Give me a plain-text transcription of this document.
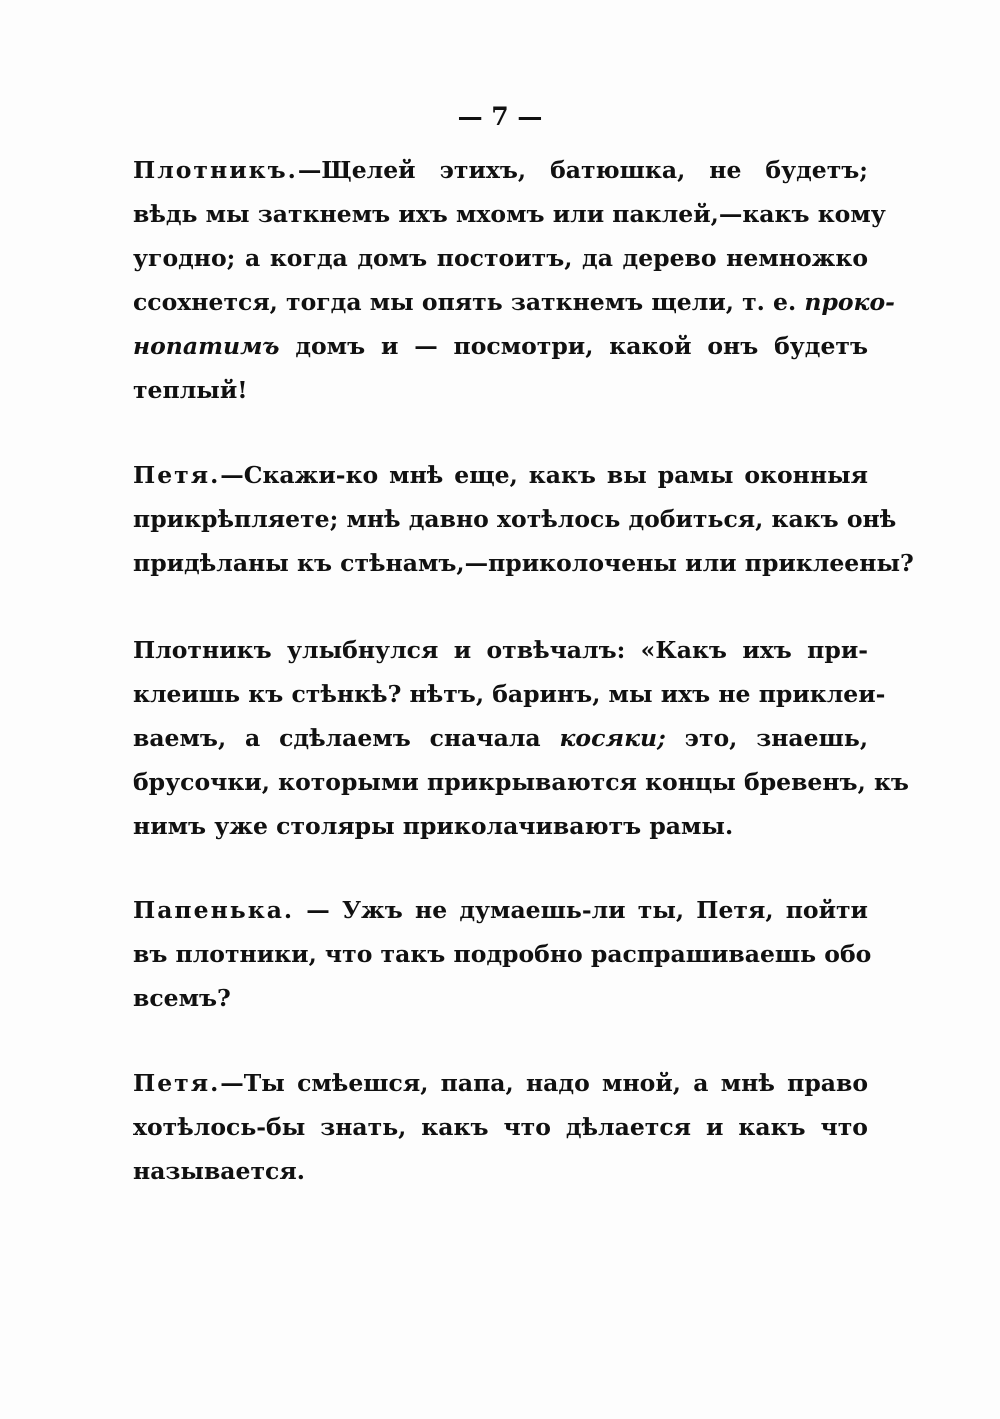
— 7 —
Плотникъ.—Щелей этихъ, батюшка, не будетъ;
вѣдь мы заткнемъ ихъ мхомъ или паклей,—какъ кому
угодно; а когда домъ постоитъ, да дерево немножко
ссохнется, тогда мы опять заткнемъ щели, т. е. проко-
нопатимъ домъ и — посмотри, какой онъ будетъ
теплый!
Петя.—Скажи-ко мнѣ еще, какъ вы рамы оконныя
прикрѣпляете; мнѣ давно хотѣлось добиться, какъ онѣ
придѣланы къ стѣнамъ,—приколочены или приклеены?
Плотникъ улыбнулся и отвѣчалъ: «Какъ ихъ при-
клеишь къ стѣнкѣ? нѣтъ, баринъ, мы ихъ не приклеи-
ваемъ, а сдѣлаемъ сначала косяки; это, знаешь,
брусочки, которыми прикрываются концы бревенъ, къ
нимъ уже столяры приколачиваютъ рамы.
Папенька. — Ужъ не думаешь-ли ты, Петя, пойти
въ плотники, что такъ подробно распрашиваешь обо
всемъ?
Петя.—Ты смѣешся, папа, надо мной, а мнѣ право
хотѣлось-бы знать, какъ что дѣлается и какъ что
называется.
